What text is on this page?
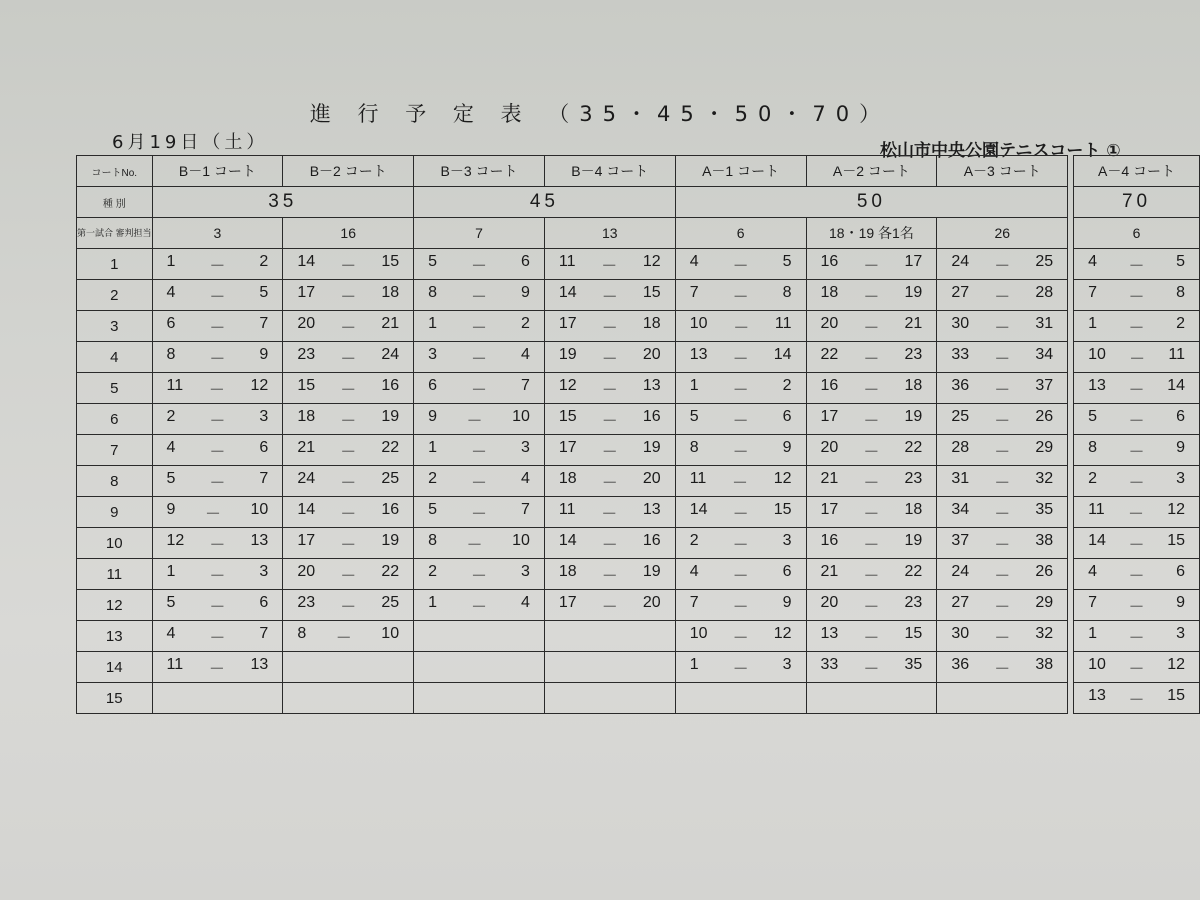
進 行 予 定 表 （35・45・50・70）
6月19日（土）	松山市中央公園テニスコート ①
コートNo.	B－1 コート	B－2 コート	B－3 コート	B－4 コート	A－1 コート	A－2 コート	A－3 コート		A－4 コート
種 別	35		45		50				70
第一試合 審判担当	3	16	7	13	6	18・19 各1名	26		6
1	1 － 2	14 － 15	5 － 6	11 － 12	4 － 5	16 － 17	24 － 25		4 － 5

2	4 － 5	17 － 18	8 － 9	14 － 15	7 － 8	18 － 19	27 － 28		7 － 8

3	6 － 7	20 － 21	1 － 2	17 － 18	10 － 11	20 － 21	30 － 31		1 － 2

4	8 － 9	23 － 24	3 － 4	19 － 20	13 － 14	22 － 23	33 － 34		10 － 11

5	11 － 12	15 － 16	6 － 7	12 － 13	1 － 2	16 － 18	36 － 37		13 － 14

6	2 － 3	18 － 19	9 － 10	15 － 16	5 － 6	17 － 19	25 － 26		5 － 6

7	4 － 6	21 － 22	1 － 3	17 － 19	8 － 9	20 － 22	28 － 29		8 － 9

8	5 － 7	24 － 25	2 － 4	18 － 20	11 － 12	21 － 23	31 － 32		2 － 3

9	9 － 10	14 － 16	5 － 7	11 － 13	14 － 15	17 － 18	34 － 35		11 － 12

10	12 － 13	17 － 19	8 － 10	14 － 16	2 － 3	16 － 19	37 － 38		14 － 15

11	1 － 3	20 － 22	2 － 3	18 － 19	4 － 6	21 － 22	24 － 26		4 － 6

12	5 － 6	23 － 25	1 － 4	17 － 20	7 － 9	20 － 23	27 － 29		7 － 9

13	4 － 7	8 － 10			10 － 12	13 － 15	30 － 32		1 － 3

14	11 － 13				1 － 3	33 － 35	36 － 38		10 － 12

15									13 － 15
